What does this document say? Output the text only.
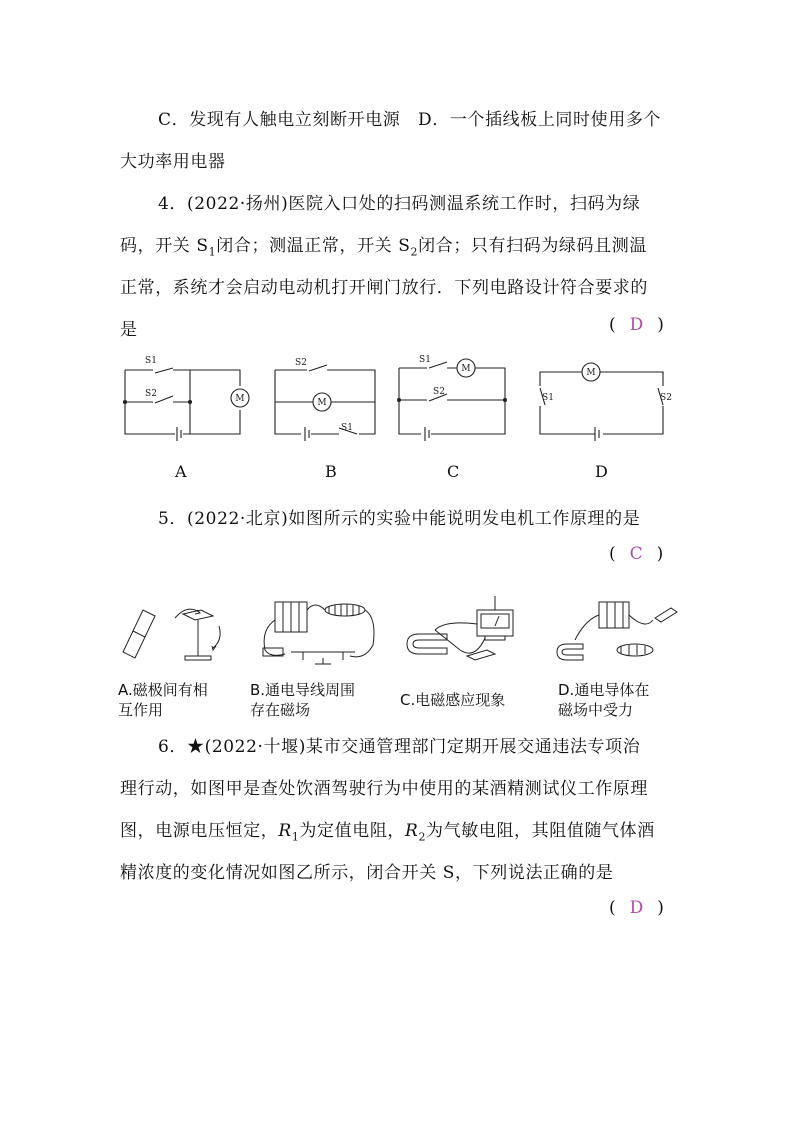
C．发现有人触电立刻断开电源　D．一个插线板上同时使用多个
大功率用电器
4．(2022·扬州)医院入口处的扫码测温系统工作时，扫码为绿
码，开关 $S_1$闭合；测温正常，开关 $S_2$闭合；只有扫码为绿码且测温
正常，系统才会启动电动机打开闸门放行．下列电路设计符合要求的
是	( D )
M	M
M	M
S1
S2
S2
S1
S1
S2
S1	S2
A	B	C	D
5．(2022·北京)如图所示的实验中能说明发电机工作原理的是
( C )
A.磁极间有相
互作用
B.通电导线周围
存在磁场
C.电磁感应现象
D.通电导体在
磁场中受力
6．★(2022·十堰)某市交通管理部门定期开展交通违法专项治
理行动，如图甲是查处饮酒驾驶行为中使用的某酒精测试仪工作原理
图，电源电压恒定，$R_1$为定值电阻，$R_2$为气敏电阻，其阻值随气体酒
精浓度的变化情况如图乙所示，闭合开关 S，下列说法正确的是
( D )
